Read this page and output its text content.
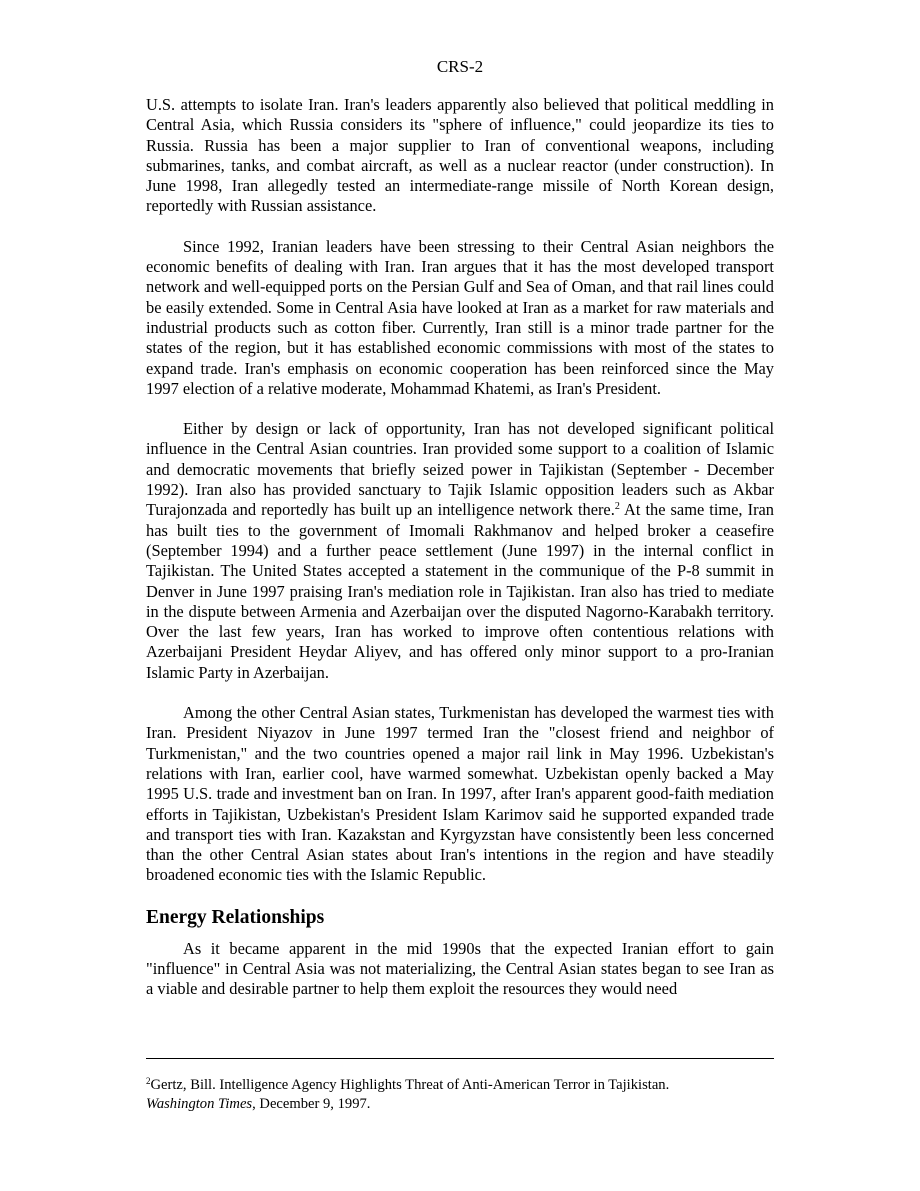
CRS-2

U.S. attempts to isolate Iran. Iran's leaders apparently also believed that political meddling in Central Asia, which Russia considers its "sphere of influence," could jeopardize its ties to Russia. Russia has been a major supplier to Iran of conventional weapons, including submarines, tanks, and combat aircraft, as well as a nuclear reactor (under construction). In June 1998, Iran allegedly tested an intermediate-range missile of North Korean design, reportedly with Russian assistance.

Since 1992, Iranian leaders have been stressing to their Central Asian neighbors the economic benefits of dealing with Iran. Iran argues that it has the most developed transport network and well-equipped ports on the Persian Gulf and Sea of Oman, and that rail lines could be easily extended. Some in Central Asia have looked at Iran as a market for raw materials and industrial products such as cotton fiber. Currently, Iran still is a minor trade partner for the states of the region, but it has established economic commissions with most of the states to expand trade. Iran's emphasis on economic cooperation has been reinforced since the May 1997 election of a relative moderate, Mohammad Khatemi, as Iran's President.

Either by design or lack of opportunity, Iran has not developed significant political influence in the Central Asian countries. Iran provided some support to a coalition of Islamic and democratic movements that briefly seized power in Tajikistan (September - December 1992). Iran also has provided sanctuary to Tajik Islamic opposition leaders such as Akbar Turajonzada and reportedly has built up an intelligence network there.$^2$ At the same time, Iran has built ties to the government of Imomali Rakhmanov and helped broker a ceasefire (September 1994) and a further peace settlement (June 1997) in the internal conflict in Tajikistan. The United States accepted a statement in the communique of the P-8 summit in Denver in June 1997 praising Iran's mediation role in Tajikistan. Iran also has tried to mediate in the dispute between Armenia and Azerbaijan over the disputed Nagorno-Karabakh territory. Over the last few years, Iran has worked to improve often contentious relations with Azerbaijani President Heydar Aliyev, and has offered only minor support to a pro-Iranian Islamic Party in Azerbaijan.

Among the other Central Asian states, Turkmenistan has developed the warmest ties with Iran. President Niyazov in June 1997 termed Iran the "closest friend and neighbor of Turkmenistan," and the two countries opened a major rail link in May 1996. Uzbekistan's relations with Iran, earlier cool, have warmed somewhat. Uzbekistan openly backed a May 1995 U.S. trade and investment ban on Iran. In 1997, after Iran's apparent good-faith mediation efforts in Tajikistan, Uzbekistan's President Islam Karimov said he supported expanded trade and transport ties with Iran. Kazakstan and Kyrgyzstan have consistently been less concerned than the other Central Asian states about Iran's intentions in the region and have steadily broadened economic ties with the Islamic Republic.

Energy Relationships

As it became apparent in the mid 1990s that the expected Iranian effort to gain "influence" in Central Asia was not materializing, the Central Asian states began to see Iran as a viable and desirable partner to help them exploit the resources they would need

$^2$Gertz, Bill. Intelligence Agency Highlights Threat of Anti-American Terror in Tajikistan.
Washington Times, December 9, 1997.
